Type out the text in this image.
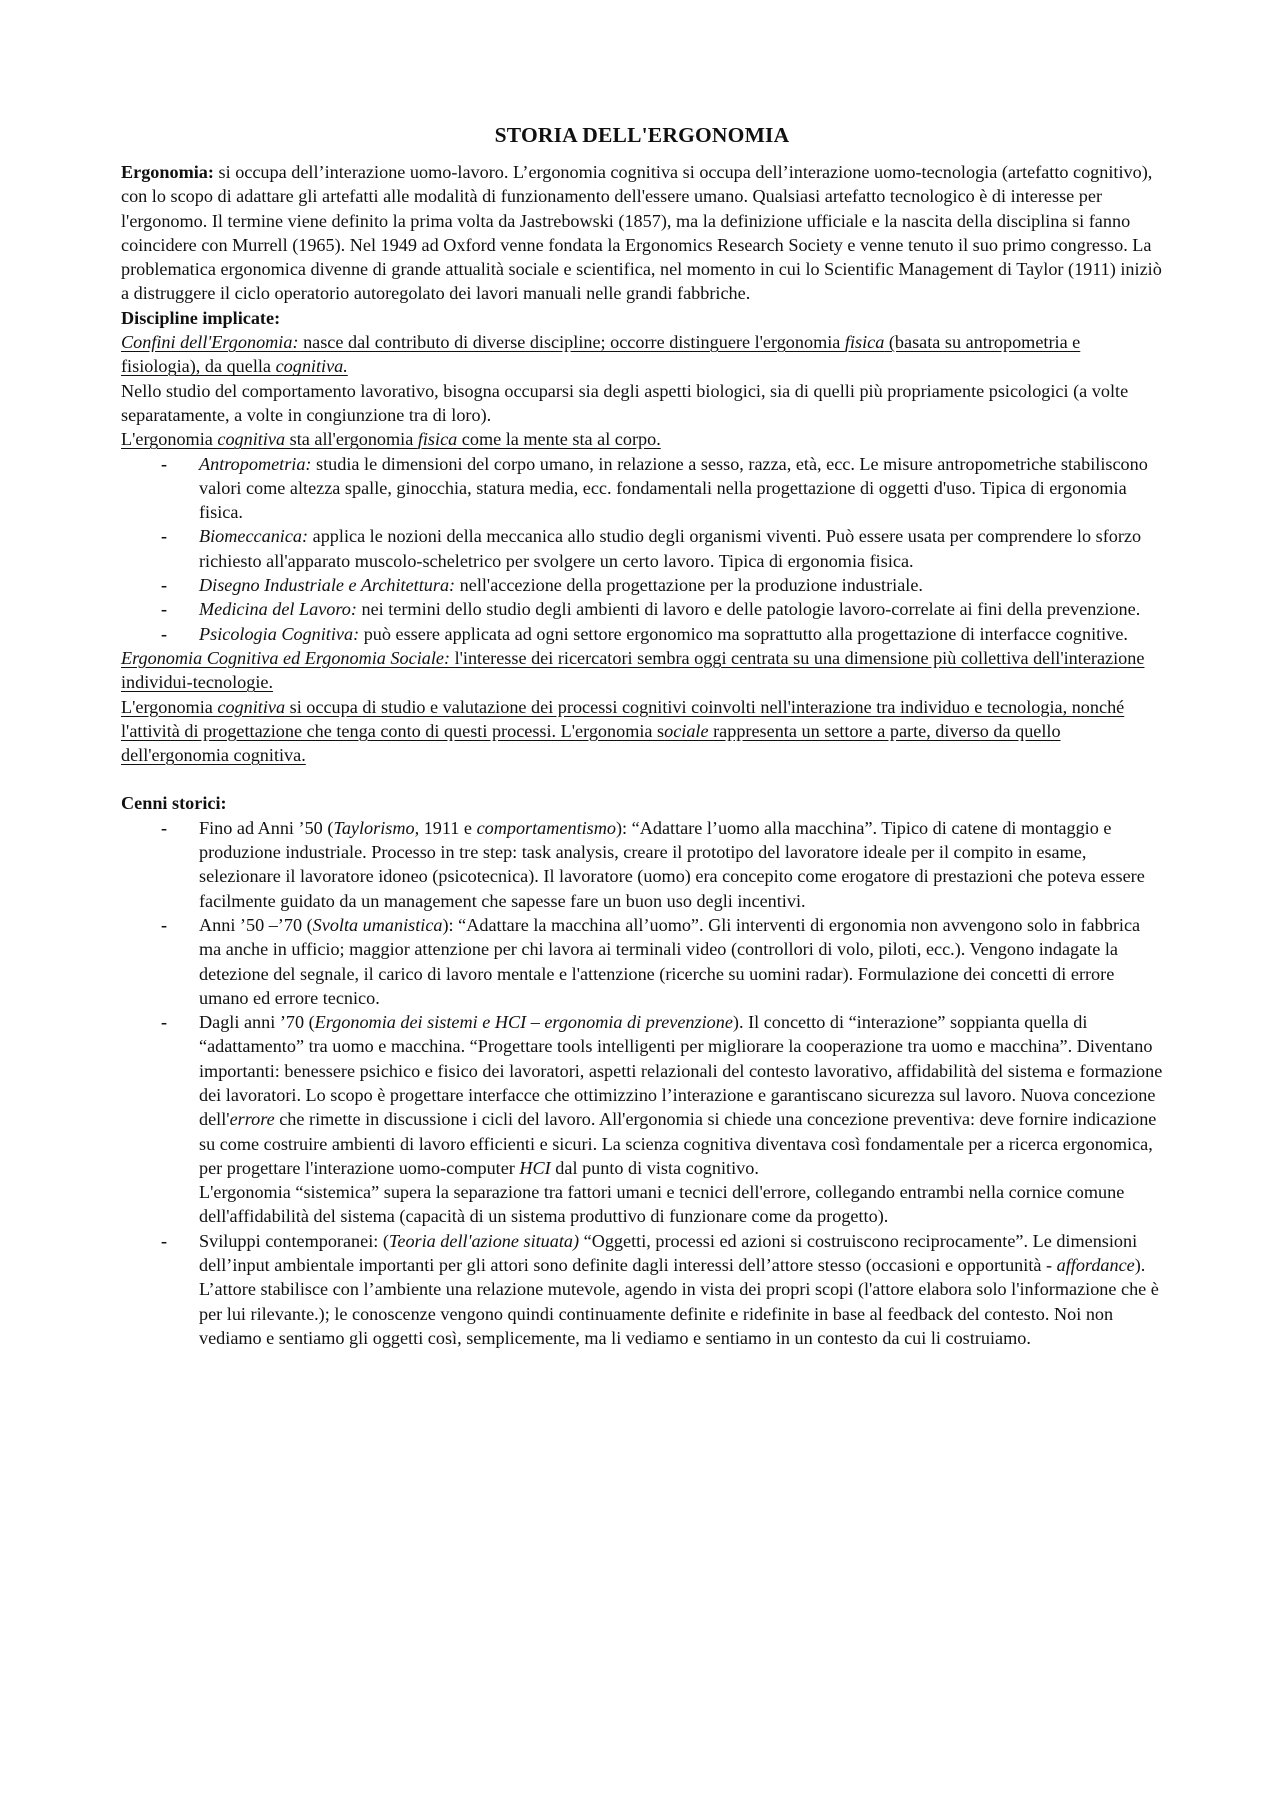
STORIA DELL'ERGONOMIA

Ergonomia: si occupa dell’interazione uomo-lavoro. L’ergonomia cognitiva si occupa dell’interazione uomo-tecnologia (artefatto cognitivo), con lo scopo di adattare gli artefatti alle modalità di funzionamento dell'essere umano. Qualsiasi artefatto tecnologico è di interesse per l'ergonomo. Il termine viene definito la prima volta da Jastrebowski (1857), ma la definizione ufficiale e la nascita della disciplina si fanno coincidere con Murrell (1965). Nel 1949 ad Oxford venne fondata la Ergonomics Research Society e venne tenuto il suo primo congresso. La problematica ergonomica divenne di grande attualità sociale e scientifica, nel momento in cui lo Scientific Management di Taylor (1911) iniziò a distruggere il ciclo operatorio autoregolato dei lavori manuali nelle grandi fabbriche.

Discipline implicate:

Confini dell'Ergonomia: nasce dal contributo di diverse discipline; occorre distinguere l'ergonomia fisica (basata su antropometria e fisiologia), da quella cognitiva.

Nello studio del comportamento lavorativo, bisogna occuparsi sia degli aspetti biologici, sia di quelli più propriamente psicologici (a volte separatamente, a volte in congiunzione tra di loro).

L'ergonomia cognitiva sta all'ergonomia fisica come la mente sta al corpo.

- Antropometria: studia le dimensioni del corpo umano, in relazione a sesso, razza, età, ecc. Le misure antropometriche stabiliscono valori come altezza spalle, ginocchia, statura media, ecc. fondamentali nella progettazione di oggetti d'uso. Tipica di ergonomia fisica.
- Biomeccanica: applica le nozioni della meccanica allo studio degli organismi viventi. Può essere usata per comprendere lo sforzo richiesto all'apparato muscolo-scheletrico per svolgere un certo lavoro. Tipica di ergonomia fisica.
- Disegno Industriale e Architettura: nell'accezione della progettazione per la produzione industriale.
- Medicina del Lavoro: nei termini dello studio degli ambienti di lavoro e delle patologie lavoro-correlate ai fini della prevenzione.
- Psicologia Cognitiva: può essere applicata ad ogni settore ergonomico ma soprattutto alla progettazione di interfacce cognitive.

Ergonomia Cognitiva ed Ergonomia Sociale: l'interesse dei ricercatori sembra oggi centrata su una dimensione più collettiva dell'interazione individui-tecnologie.

L'ergonomia cognitiva si occupa di studio e valutazione dei processi cognitivi coinvolti nell'interazione tra individuo e tecnologia, nonché l'attività di progettazione che tenga conto di questi processi. L'ergonomia sociale rappresenta un settore a parte, diverso da quello dell'ergonomia cognitiva.

Cenni storici:

- Fino ad Anni ’50 (Taylorismo, 1911 e comportamentismo): “Adattare l’uomo alla macchina”. Tipico di catene di montaggio e produzione industriale. Processo in tre step: task analysis, creare il prototipo del lavoratore ideale per il compito in esame, selezionare il lavoratore idoneo (psicotecnica). Il lavoratore (uomo) era concepito come erogatore di prestazioni che poteva essere facilmente guidato da un management che sapesse fare un buon uso degli incentivi.
- Anni ’50 –’70 (Svolta umanistica): “Adattare la macchina all’uomo”. Gli interventi di ergonomia non avvengono solo in fabbrica ma anche in ufficio; maggior attenzione per chi lavora ai terminali video (controllori di volo, piloti, ecc.). Vengono indagate la detezione del segnale, il carico di lavoro mentale e l'attenzione (ricerche su uomini radar). Formulazione dei concetti di errore umano ed errore tecnico.
- Dagli anni ’70 (Ergonomia dei sistemi e HCI – ergonomia di prevenzione). Il concetto di “interazione” soppianta quella di “adattamento” tra uomo e macchina. “Progettare tools intelligenti per migliorare la cooperazione tra uomo e macchina”. Diventano importanti: benessere psichico e fisico dei lavoratori, aspetti relazionali del contesto lavorativo, affidabilità del sistema e formazione dei lavoratori. Lo scopo è progettare interfacce che ottimizzino l’interazione e garantiscano sicurezza sul lavoro. Nuova concezione dell'errore che rimette in discussione i cicli del lavoro. All'ergonomia si chiede una concezione preventiva: deve fornire indicazione su come costruire ambienti di lavoro efficienti e sicuri. La scienza cognitiva diventava così fondamentale per a ricerca ergonomica, per progettare l'interazione uomo-computer HCI dal punto di vista cognitivo.
L'ergonomia “sistemica” supera la separazione tra fattori umani e tecnici dell'errore, collegando entrambi nella cornice comune dell'affidabilità del sistema (capacità di un sistema produttivo di funzionare come da progetto).
- Sviluppi contemporanei: (Teoria dell'azione situata) “Oggetti, processi ed azioni si costruiscono reciprocamente”. Le dimensioni dell’input ambientale importanti per gli attori sono definite dagli interessi dell’attore stesso (occasioni e opportunità - affordance). L’attore stabilisce con l’ambiente una relazione mutevole, agendo in vista dei propri scopi (l'attore elabora solo l'informazione che è per lui rilevante.); le conoscenze vengono quindi continuamente definite e ridefinite in base al feedback del contesto. Noi non vediamo e sentiamo gli oggetti così, semplicemente, ma li vediamo e sentiamo in un contesto da cui li costruiamo.
